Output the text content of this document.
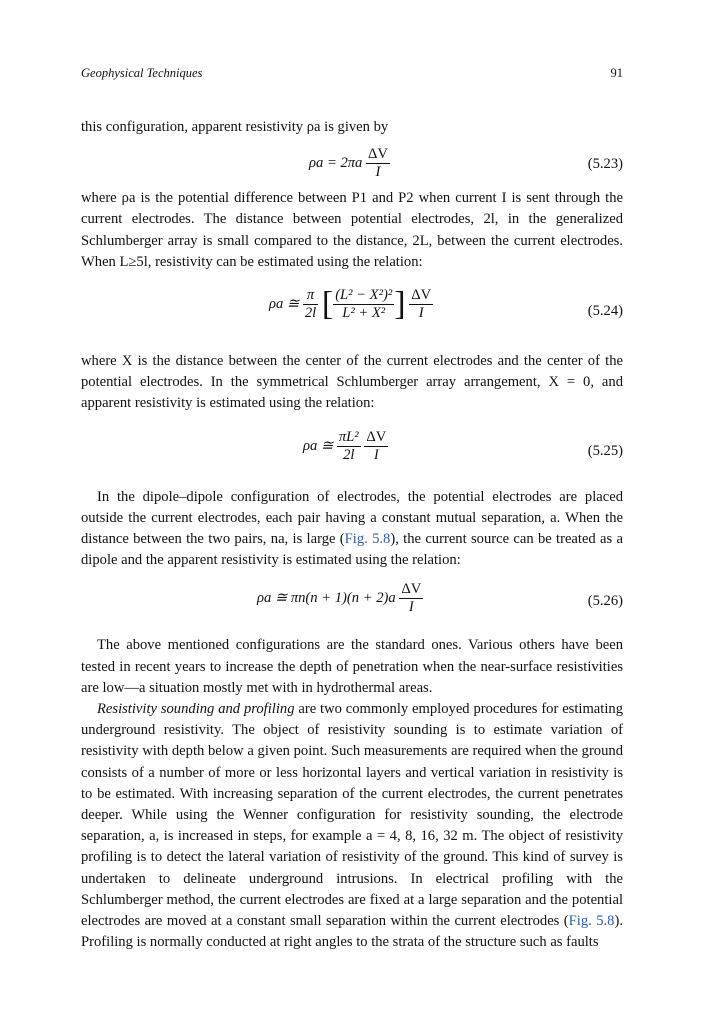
Geophysical Techniques	91

this configuration, apparent resistivity ρa is given by

$\rho a = 2\pi a \frac{\Delta V}{I}$	(5.23)

where ρa is the potential difference between P1 and P2 when current I is sent through the current electrodes. The distance between potential electrodes, 2l, in the generalized Schlumberger array is small compared to the distance, 2L, between the current electrodes. When L≥5l, resistivity can be estimated using the relation:

ρa ≅ $\frac{\pi}{2l}$ [ $\frac{\text{(L² − X²)²}}{\text{L² + X²}}$ ] $\frac{\Delta V}{I}$	(5.24)

where X is the distance between the center of the current electrodes and the center of the potential electrodes. In the symmetrical Schlumberger array arrangement, X = 0, and apparent resistivity is estimated using the relation:

ρa ≅ $\frac{\text{πL²}}{2l}$
$\frac{\Delta V}{I}$	(5.25)

In the dipole–dipole configuration of electrodes, the potential electrodes are placed outside the current electrodes, each pair having a constant mutual separation, a. When the distance between the two pairs, na, is large (Fig. 5.8), the current source can be treated as a dipole and the apparent resistivity is estimated using the relation:

ρa ≅ $\pi n(n + 1)(n + 2)a \frac{\Delta V}{I}$	(5.26)

The above mentioned configurations are the standard ones. Various others have been tested in recent years to increase the depth of penetration when the near-surface resistivities are low—a situation mostly met with in hydrothermal areas.

Resistivity sounding and profiling are two commonly employed procedures for estimating underground resistivity. The object of resistivity sounding is to estimate variation of resistivity with depth below a given point. Such measurements are required when the ground consists of a number of more or less horizontal layers and vertical variation in resistivity is to be estimated. With increasing separation of the current electrodes, the current penetrates deeper. While using the Wenner configuration for resistivity sounding, the electrode separation, a, is increased in steps, for example a = 4, 8, 16, 32 m. The object of resistivity profiling is to detect the lateral variation of resistivity of the ground. This kind of survey is undertaken to delineate underground intrusions. In electrical profiling with the Schlumberger method, the current electrodes are fixed at a large separation and the potential electrodes are moved at a constant small separation within the current electrodes (Fig. 5.8). Profiling is normally conducted at right angles to the strata of the structure such as faults
